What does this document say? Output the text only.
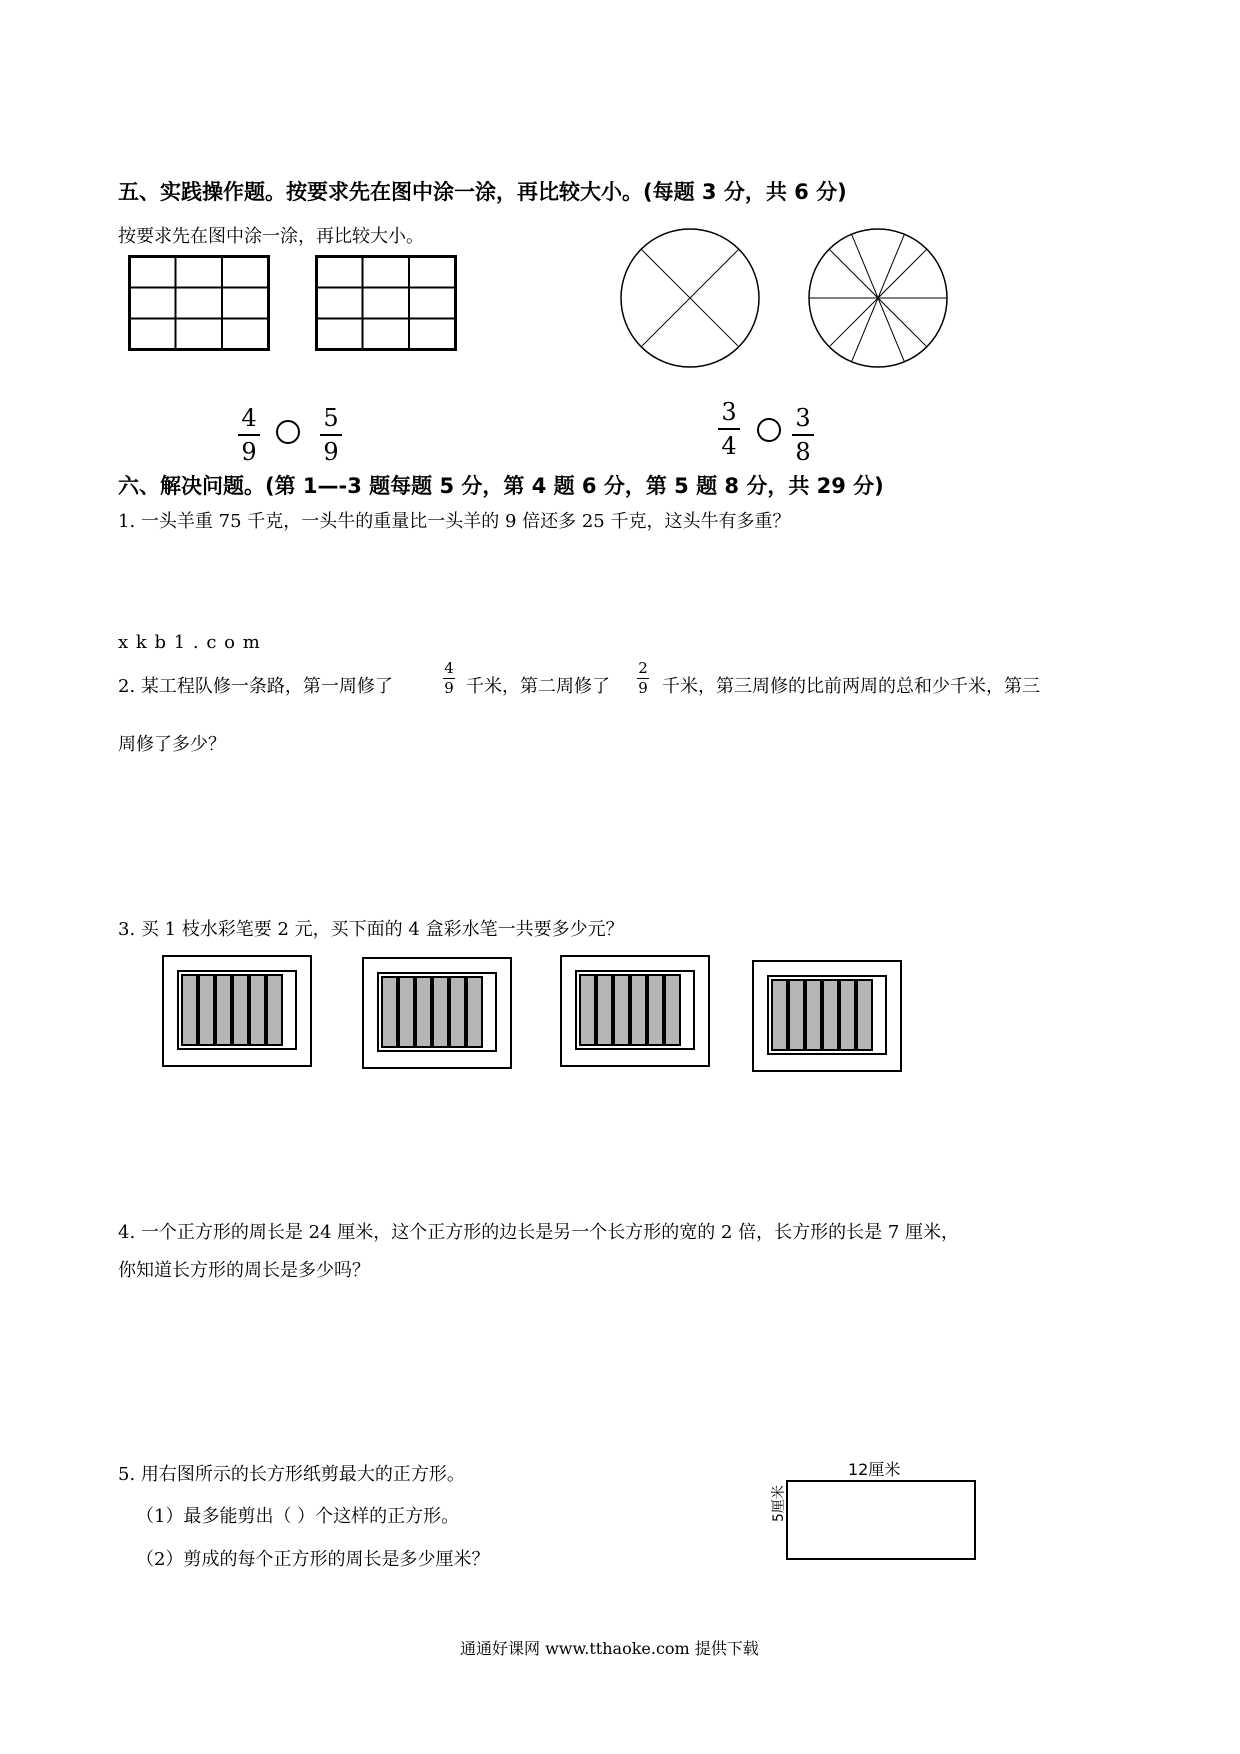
五、实践操作题。按要求先在图中涂一涂，再比较大小。(每题 3 分，共 6 分)
按要求先在图中涂一涂，再比较大小。
4
9
5
9
3
4
3
8
六、解决问题。(第 1—-3 题每题 5 分，第 4 题 6 分，第 5 题 8 分，共 29 分)
1. 一头羊重 75 千克，一头牛的重量比一头羊的 9 倍还多 25 千克，这头牛有多重？
x k b 1 . c o m
2. 某工程队修一条路，第一周修了
4
9 千米，第二周修了
2
9 千米，第三周修的比前两周的总和少千米，第三
周修了多少？
3. 买 1 枝水彩笔要 2 元，买下面的 4 盒彩水笔一共要多少元？
4. 一个正方形的周长是 24 厘米，这个正方形的边长是另一个长方形的宽的 2 倍，长方形的长是 7 厘米，
你知道长方形的周长是多少吗？
5. 用右图所示的长方形纸剪最大的正方形。
（1）最多能剪出（ ）个这样的正方形。
（2）剪成的每个正方形的周长是多少厘米？
12厘米
5厘米
通通好课网 www.tthaoke.com 提供下载
